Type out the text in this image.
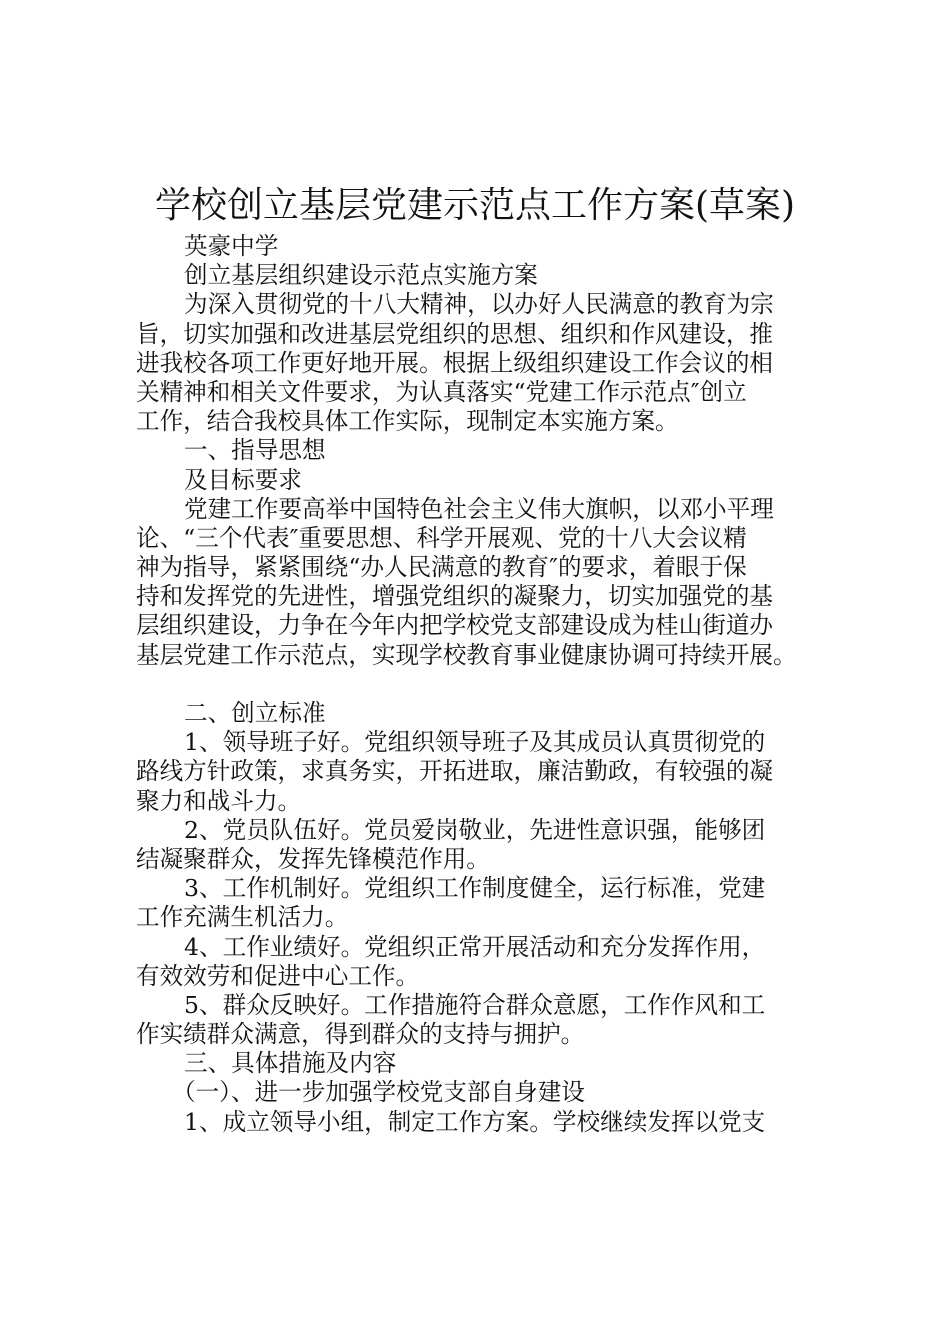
学校创立基层党建示范点工作方案(草案)
英豪中学
创立基层组织建设示范点实施方案
为深入贯彻党的十八大精神，以办好人民满意的教育为宗
旨，切实加强和改进基层党组织的思想、组织和作风建设，推
进我校各项工作更好地开展。根据上级组织建设工作会议的相
关精神和相关文件要求，为认真落实“党建工作示范点″创立
工作，结合我校具体工作实际，现制定本实施方案。
一、指导思想
及目标要求
党建工作要高举中国特色社会主义伟大旗帜，以邓小平理
论、“三个代表″重要思想、科学开展观、党的十八大会议精
神为指导，紧紧围绕“办人民满意的教育″的要求，着眼于保
持和发挥党的先进性，增强党组织的凝聚力，切实加强党的基
层组织建设，力争在今年内把学校党支部建设成为桂山街道办
基层党建工作示范点，实现学校教育事业健康协调可持续开展。
二、创立标准
1、领导班子好。党组织领导班子及其成员认真贯彻党的
路线方针政策，求真务实，开拓进取，廉洁勤政，有较强的凝
聚力和战斗力。
2、党员队伍好。党员爱岗敬业，先进性意识强，能够团
结凝聚群众，发挥先锋模范作用。
3、工作机制好。党组织工作制度健全，运行标准，党建
工作充满生机活力。
4、工作业绩好。党组织正常开展活动和充分发挥作用，
有效效劳和促进中心工作。
5、群众反映好。工作措施符合群众意愿，工作作风和工
作实绩群众满意，得到群众的支持与拥护。
三、具体措施及内容
（一）、进一步加强学校党支部自身建设
1、成立领导小组，制定工作方案。学校继续发挥以党支
